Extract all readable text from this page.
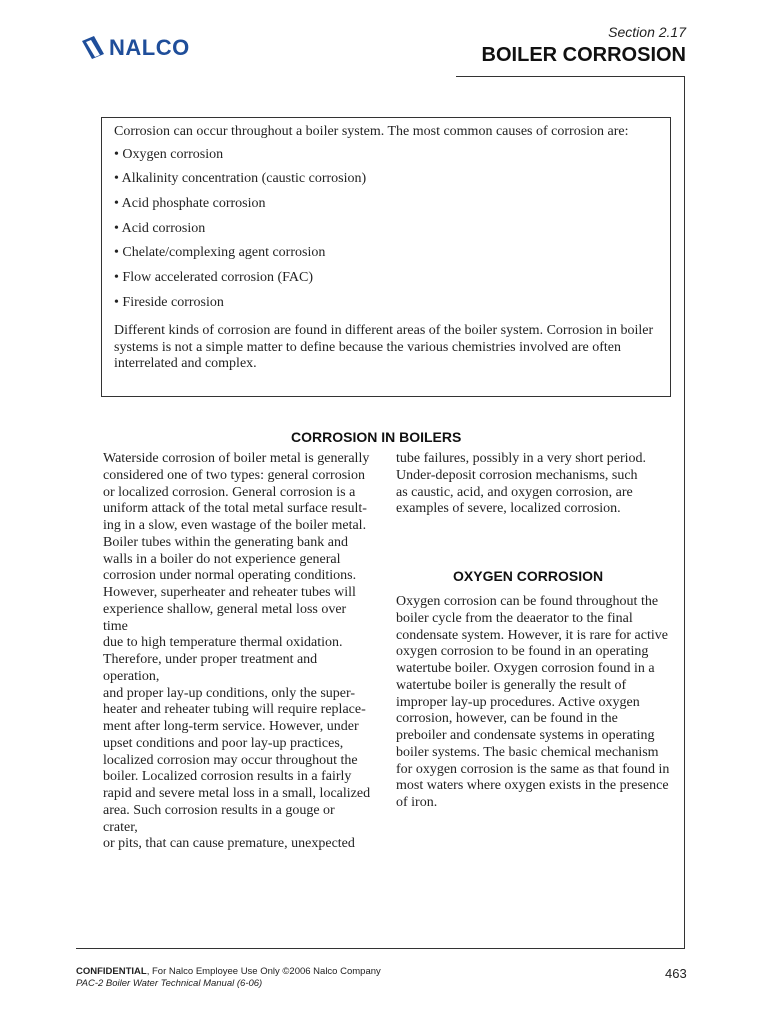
NALCO
Section 2.17
BOILER CORROSION

Corrosion can occur throughout a boiler system. The most common causes of corrosion are:

• Oxygen corrosion
• Alkalinity concentration (caustic corrosion)
• Acid phosphate corrosion
• Acid corrosion
• Chelate/complexing agent corrosion
• Flow accelerated corrosion (FAC)
• Fireside corrosion

Different kinds of corrosion are found in different areas of the boiler system. Corrosion in boiler systems is not a simple matter to define because the various chemistries involved are often interrelated and complex.

CORROSION IN BOILERS
Waterside corrosion of boiler metal is generally
considered one of two types: general corrosion
or localized corrosion. General corrosion is a
uniform attack of the total metal surface result-
ing in a slow, even wastage of the boiler metal.
Boiler tubes within the generating bank and
walls in a boiler do not experience general
corrosion under normal operating conditions.
However, superheater and reheater tubes will
experience shallow, general metal loss over time
due to high temperature thermal oxidation.
Therefore, under proper treatment and operation,
and proper lay-up conditions, only the super-
heater and reheater tubing will require replace-
ment after long-term service. However, under
upset conditions and poor lay-up practices,
localized corrosion may occur throughout the
boiler. Localized corrosion results in a fairly
rapid and severe metal loss in a small, localized
area. Such corrosion results in a gouge or crater,
or pits, that can cause premature, unexpected
tube failures, possibly in a very short period.
Under-deposit corrosion mechanisms, such
as caustic, acid, and oxygen corrosion, are
examples of severe, localized corrosion.
OXYGEN CORROSION
Oxygen corrosion can be found throughout the
boiler cycle from the deaerator to the final
condensate system. However, it is rare for active
oxygen corrosion to be found in an operating
watertube boiler. Oxygen corrosion found in a
watertube boiler is generally the result of
improper lay-up procedures. Active oxygen
corrosion, however, can be found in the
preboiler and condensate systems in operating
boiler systems. The basic chemical mechanism
for oxygen corrosion is the same as that found in
most waters where oxygen exists in the presence
of iron.
CONFIDENTIAL, For Nalco Employee Use Only ©2006 Nalco Company
PAC-2 Boiler Water Technical Manual (6-06)
463
